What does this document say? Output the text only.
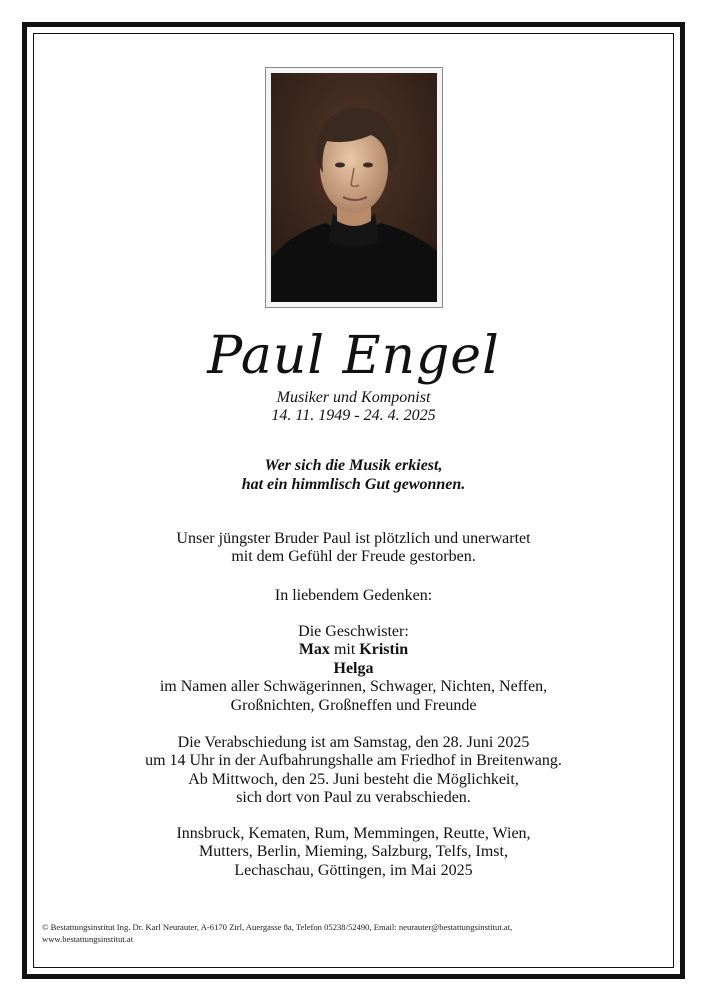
Paul Engel
Musiker und Komponist
14. 11. 1949 - 24. 4. 2025
Wer sich die Musik erkiest,
hat ein himmlisch Gut gewonnen.
Unser jüngster Bruder Paul ist plötzlich und unerwartet
mit dem Gefühl der Freude gestorben.
In liebendem Gedenken:
Die Geschwister:
Max mit Kristin
Helga
im Namen aller Schwägerinnen, Schwager, Nichten, Neffen,
Großnichten, Großneffen und Freunde
Die Verabschiedung ist am Samstag, den 28. Juni 2025
um 14 Uhr in der Aufbahrungshalle am Friedhof in Breitenwang.
Ab Mittwoch, den 25. Juni besteht die Möglichkeit,
sich dort von Paul zu verabschieden.
Innsbruck, Kematen, Rum, Memmingen, Reutte, Wien,
Mutters, Berlin, Mieming, Salzburg, Telfs, Imst,
Lechaschau, Göttingen, im Mai 2025
© Bestattungsinstitut Ing. Dr. Karl Neurauter, A-6170 Zirl, Auergasse 8a, Telefon 05238/52490, Email: neurauter@bestattungsinstitut.at,
www.bestattungsinstitut.at
